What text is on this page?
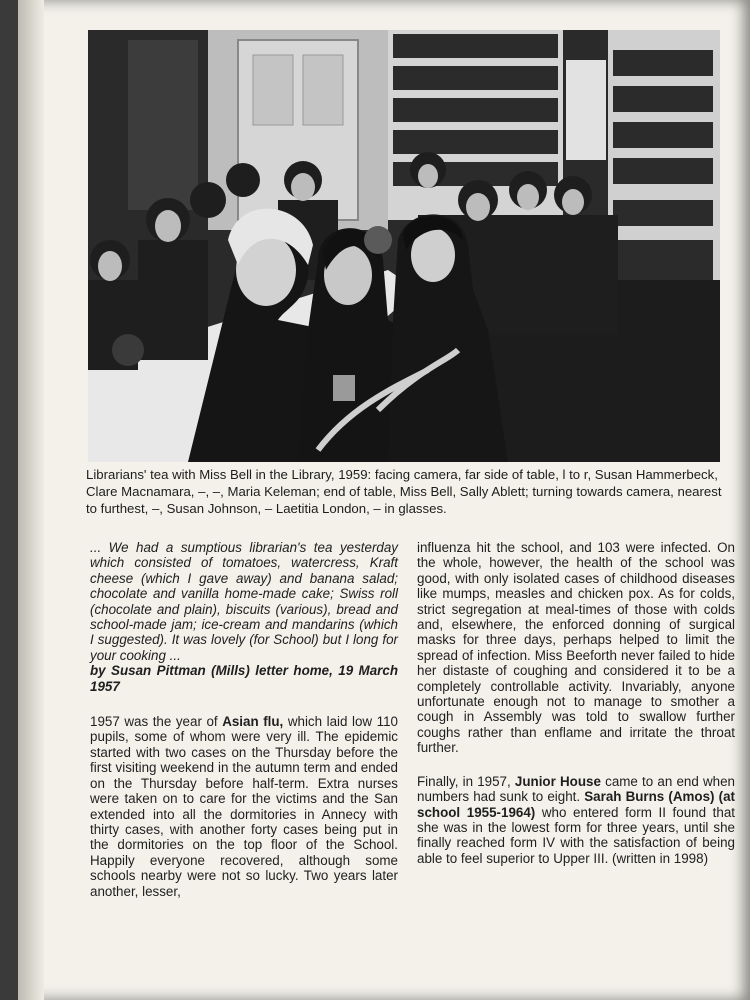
Librarians' tea with Miss Bell in the Library, 1959: facing camera, far side of table, l to r, Susan Hammerbeck, Clare Macnamara, –, –, Maria Keleman; end of table, Miss Bell, Sally Ablett; turning towards camera, nearest to furthest, –, Susan Johnson, – Laetitia London, – in glasses.

... We had a sumptious librarian's tea yesterday which consisted of tomatoes, watercress, Kraft cheese (which I gave away) and banana salad; chocolate and vanilla home-made cake; Swiss roll (chocolate and plain), biscuits (various), bread and school-made jam; ice-cream and mandarins (which I suggested). It was lovely (for School) but I long for your cooking ...

by Susan Pittman (Mills) letter home, 19 March 1957

1957 was the year of Asian flu, which laid low 110 pupils, some of whom were very ill. The epidemic started with two cases on the Thursday before the first visiting weekend in the autumn term and ended on the Thursday before half-term. Extra nurses were taken on to care for the victims and the San extended into all the dormitories in Annecy with thirty cases, with another forty cases being put in the dormitories on the top floor of the School. Happily everyone recovered, although some schools nearby were not so lucky. Two years later another, lesser,

influenza hit the school, and 103 were infected. On the whole, however, the health of the school was good, with only isolated cases of childhood diseases like mumps, measles and chicken pox. As for colds, strict segregation at meal-times of those with colds and, elsewhere, the enforced donning of surgical masks for three days, perhaps helped to limit the spread of infection. Miss Beeforth never failed to hide her distaste of coughing and considered it to be a completely controllable activity. Invariably, anyone unfortunate enough not to manage to smother a cough in Assembly was told to swallow further coughs rather than enflame and irritate the throat further.

Finally, in 1957, Junior House came to an end when numbers had sunk to eight. Sarah Burns (Amos) (at school 1955-1964) who entered form II found that she was in the lowest form for three years, until she finally reached form IV with the satisfaction of being able to feel superior to Upper III. (written in 1998)
